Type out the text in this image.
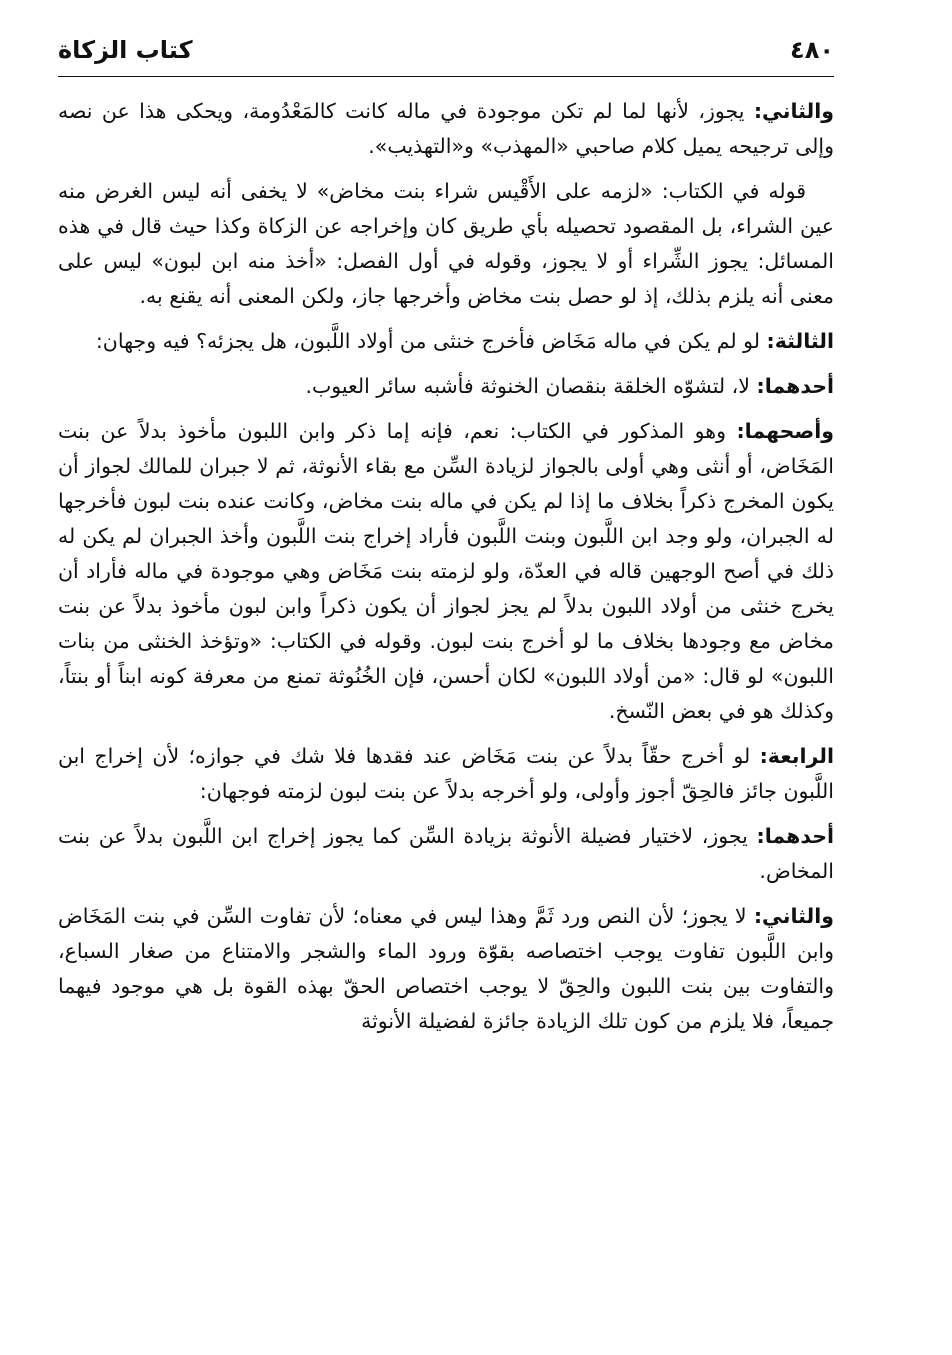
٤٨٠
كتاب الزكاة

والثاني: يجوز، لأنها لما لم تكن موجودة في ماله كانت كالمَعْدُومة، ويحكى هذا عن نصه وإلى ترجيحه يميل كلام صاحبي «المهذب» و«التهذيب».

قوله في الكتاب: «لزمه على الأَقْيس شراء بنت مخاض» لا يخفى أنه ليس الغرض منه عين الشراء، بل المقصود تحصيله بأي طريق كان وإخراجه عن الزكاة وكذا حيث قال في هذه المسائل: يجوز الشِّراء أو لا يجوز، وقوله في أول الفصل: «أخذ منه ابن لبون» ليس على معنى أنه يلزم بذلك، إذ لو حصل بنت مخاض وأخرجها جاز، ولكن المعنى أنه يقنع به.

الثالثة: لو لم يكن في ماله مَخَاض فأخرج خنثى من أولاد اللَّبون، هل يجزئه؟ فيه وجهان:

أحدهما: لا، لتشوّه الخلقة بنقصان الخنوثة فأشبه سائر العيوب.

وأصحهما: وهو المذكور في الكتاب: نعم، فإنه إما ذكر وابن اللبون مأخوذ بدلاً عن بنت المَخَاض، أو أنثى وهي أولى بالجواز لزيادة السِّن مع بقاء الأنوثة، ثم لا جبران للمالك لجواز أن يكون المخرج ذكراً بخلاف ما إذا لم يكن في ماله بنت مخاض، وكانت عنده بنت لبون فأخرجها له الجبران، ولو وجد ابن اللَّبون وبنت اللَّبون فأراد إخراج بنت اللَّبون وأخذ الجبران لم يكن له ذلك في أصح الوجهين قاله في العدّة، ولو لزمته بنت مَخَاض وهي موجودة في ماله فأراد أن يخرج خنثى من أولاد اللبون بدلاً لم يجز لجواز أن يكون ذكراً وابن لبون مأخوذ بدلاً عن بنت مخاض مع وجودها بخلاف ما لو أخرج بنت لبون. وقوله في الكتاب: «وتؤخذ الخنثى من بنات اللبون» لو قال: «من أولاد اللبون» لكان أحسن، فإن الخُنُوثة تمنع من معرفة كونه ابناً أو بنتاً، وكذلك هو في بعض النّسخ.

الرابعة: لو أخرج حقّاً بدلاً عن بنت مَخَاض عند فقدها فلا شك في جوازه؛ لأن إخراج ابن اللَّبون جائز فالحِقّ أجوز وأولى، ولو أخرجه بدلاً عن بنت لبون لزمته فوجهان:

أحدهما: يجوز، لاختيار فضيلة الأنوثة بزيادة السِّن كما يجوز إخراج ابن اللَّبون بدلاً عن بنت المخاض.

والثاني: لا يجوز؛ لأن النص ورد ثَمَّ وهذا ليس في معناه؛ لأن تفاوت السِّن في بنت المَخَاض وابن اللَّبون تفاوت يوجب اختصاصه بقوّة ورود الماء والشجر والامتناع من صغار السباع، والتفاوت بين بنت اللبون والحِقّ لا يوجب اختصاص الحقّ بهذه القوة بل هي موجود فيهما جميعاً، فلا يلزم من كون تلك الزيادة جائزة لفضيلة الأنوثة
